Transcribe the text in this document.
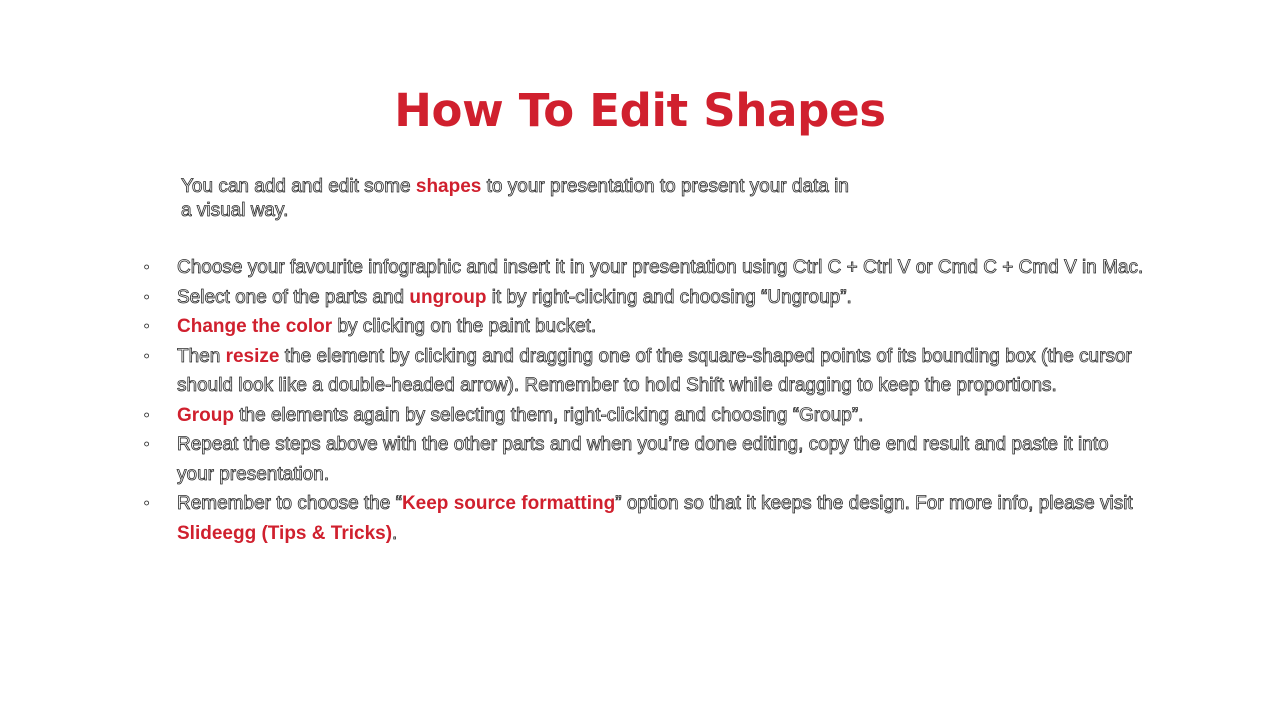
How To Edit Shapes

You can add and edit some shapes to your presentation to present your data in a visual way.

•	Choose your favourite infographic and insert it in your presentation using Ctrl C + Ctrl V or Cmd C + Cmd V in Mac.
•	Select one of the parts and ungroup it by right-clicking and choosing “Ungroup”.
•	Change the color by clicking on the paint bucket.
•	Then resize the element by clicking and dragging one of the square-shaped points of its bounding box (the cursor should look like a double-headed arrow). Remember to hold Shift while dragging to keep the proportions.
•	Group the elements again by selecting them, right-clicking and choosing “Group”.
•	Repeat the steps above with the other parts and when you’re done editing, copy the end result and paste it into your presentation.
•	Remember to choose the “Keep source formatting” option so that it keeps the design. For more info, please visit Slideegg (Tips & Tricks).
